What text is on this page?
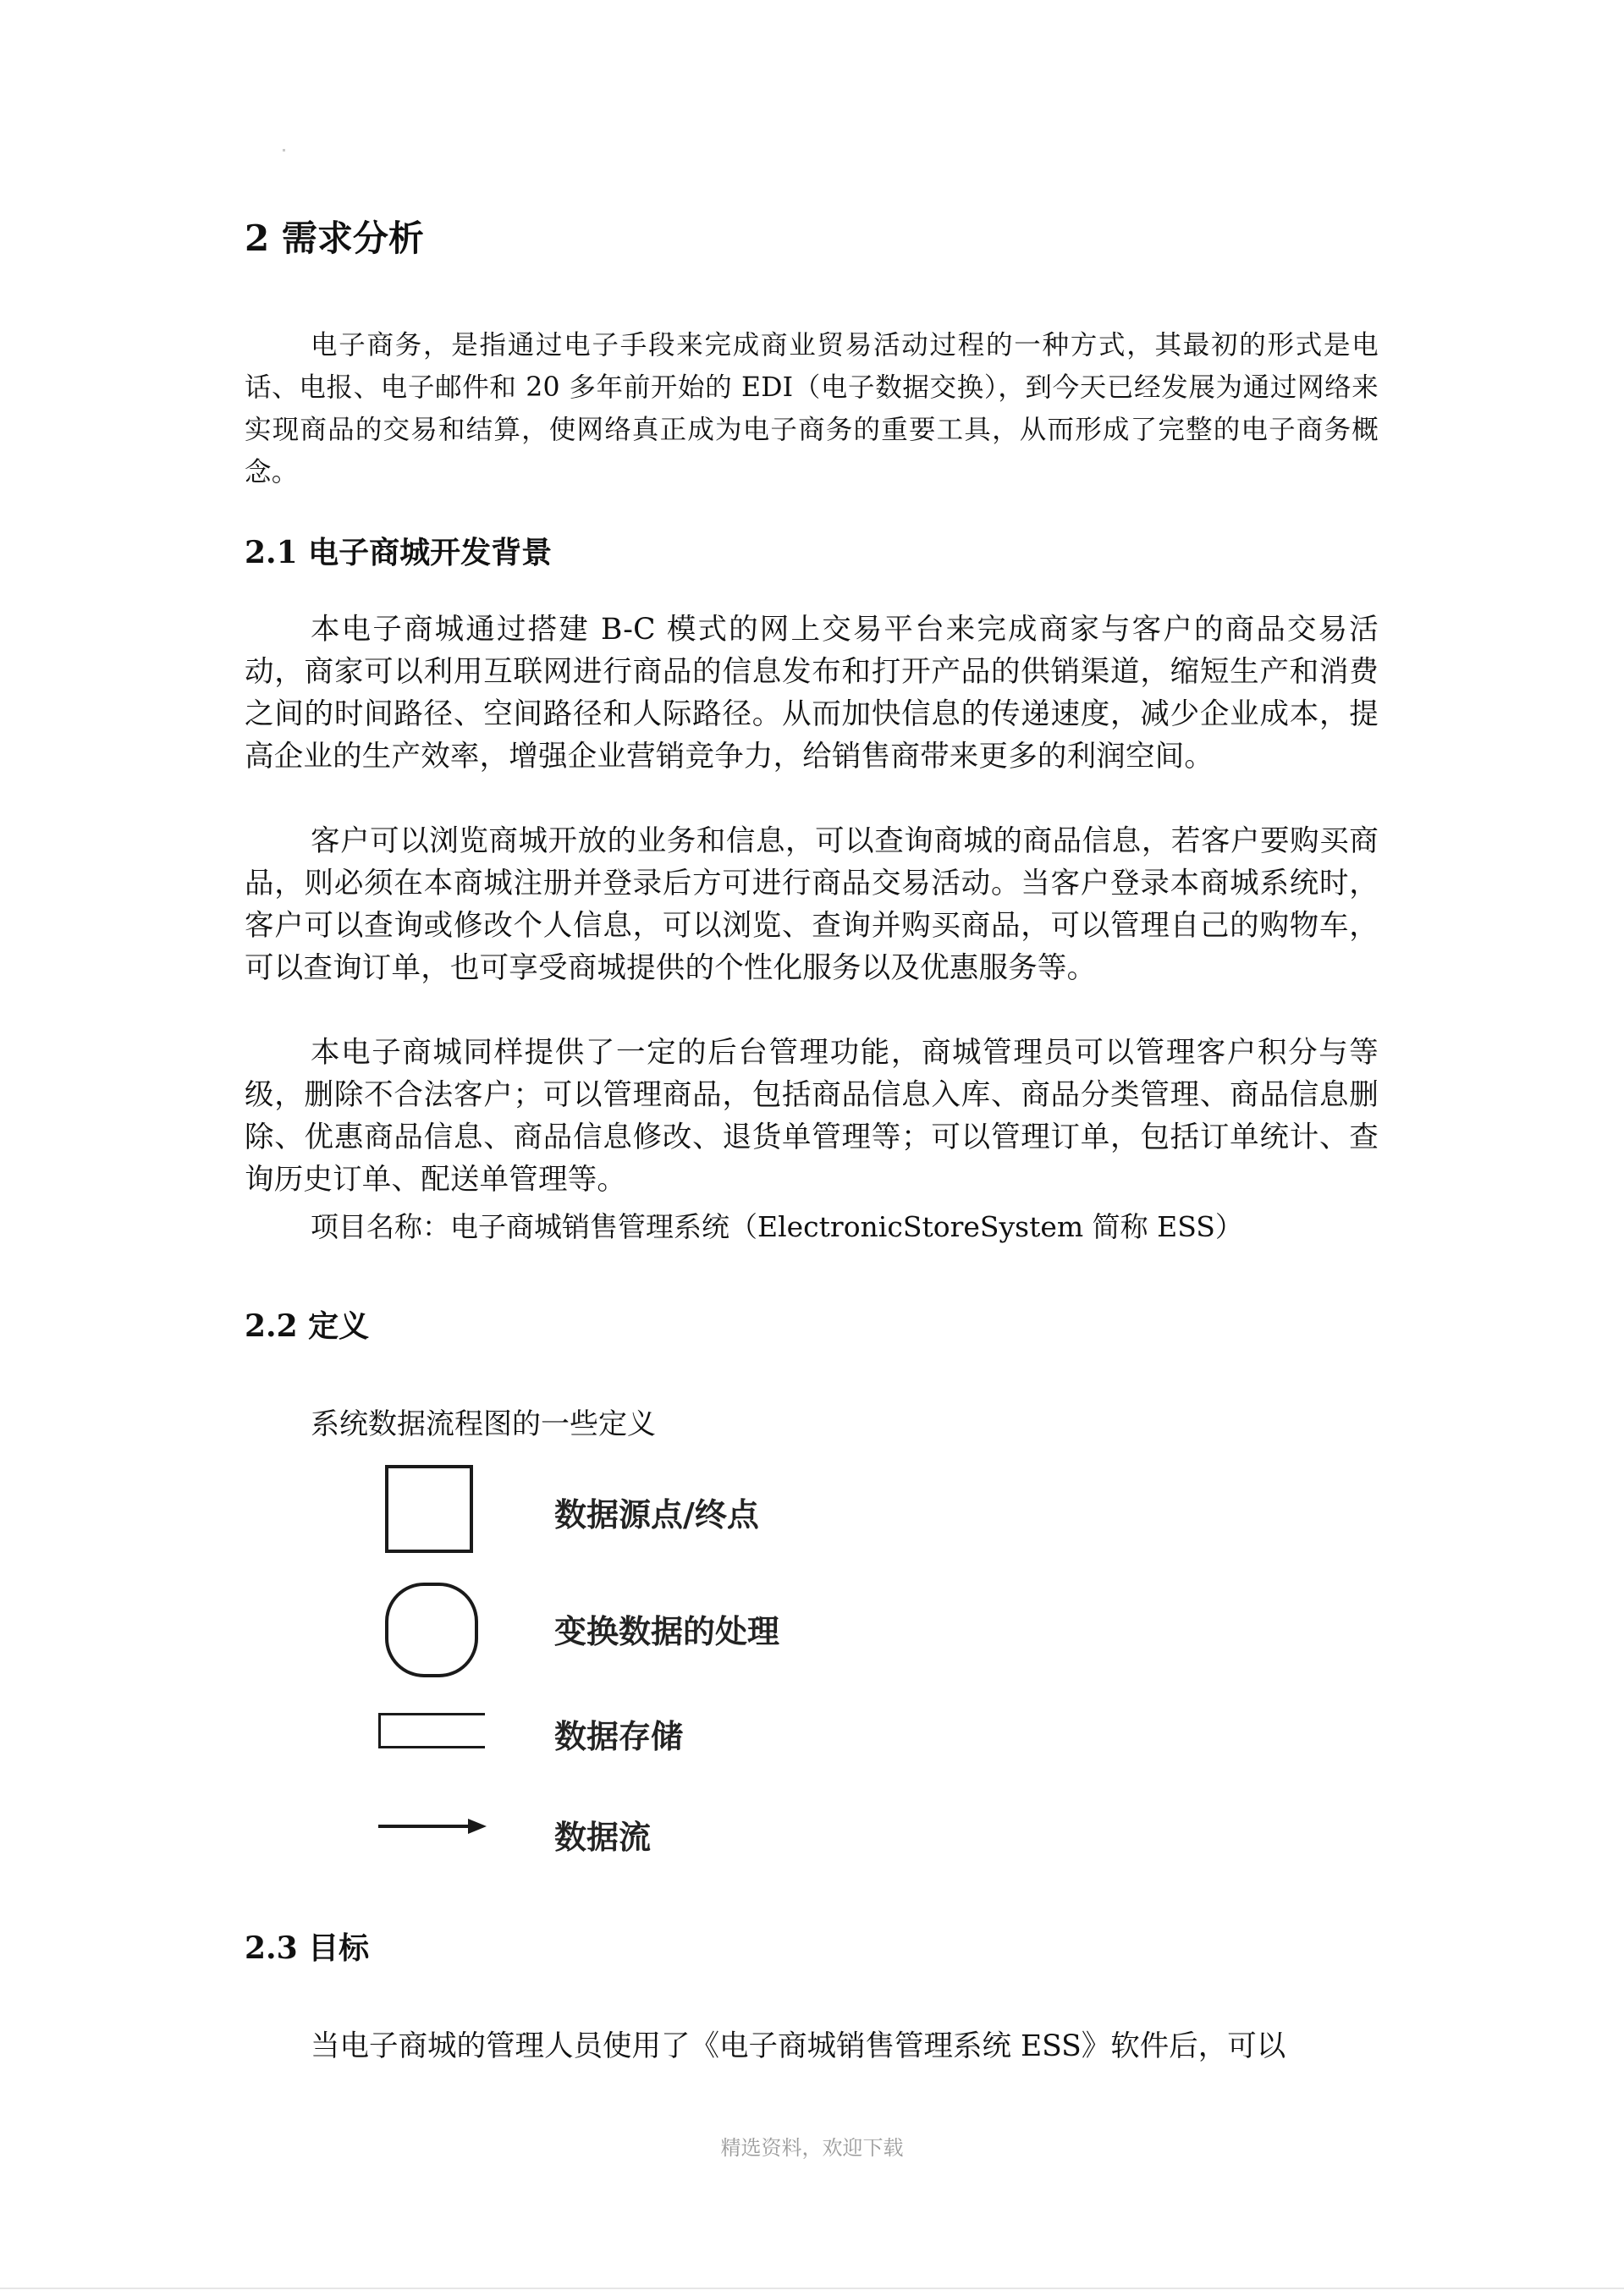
2 需求分析

电子商务，是指通过电子手段来完成商业贸易活动过程的一种方式，其最初的形式是电话、电报、电子邮件和 20 多年前开始的 EDI（电子数据交换），到今天已经发展为通过网络来实现商品的交易和结算，使网络真正成为电子商务的重要工具，从而形成了完整的电子商务概念。

2.1 电子商城开发背景

本电子商城通过搭建 B-C 模式的网上交易平台来完成商家与客户的商品交易活动，商家可以利用互联网进行商品的信息发布和打开产品的供销渠道，缩短生产和消费之间的时间路径、空间路径和人际路径。从而加快信息的传递速度，减少企业成本，提高企业的生产效率，增强企业营销竞争力，给销售商带来更多的利润空间。

客户可以浏览商城开放的业务和信息，可以查询商城的商品信息，若客户要购买商品，则必须在本商城注册并登录后方可进行商品交易活动。当客户登录本商城系统时，客户可以查询或修改个人信息，可以浏览、查询并购买商品，可以管理自己的购物车，可以查询订单，也可享受商城提供的个性化服务以及优惠服务等。

本电子商城同样提供了一定的后台管理功能，商城管理员可以管理客户积分与等级，删除不合法客户；可以管理商品，包括商品信息入库、商品分类管理、商品信息删除、优惠商品信息、商品信息修改、退货单管理等；可以管理订单，包括订单统计、查询历史订单、配送单管理等。

项目名称：电子商城销售管理系统（ElectronicStoreSystem 简称 ESS）
2.2 定义
系统数据流程图的一些定义
数据源点/终点
变换数据的处理
数据存储
数据流
2.3 目标
当电子商城的管理人员使用了《电子商城销售管理系统 ESS》软件后，可以
精选资料，欢迎下载
